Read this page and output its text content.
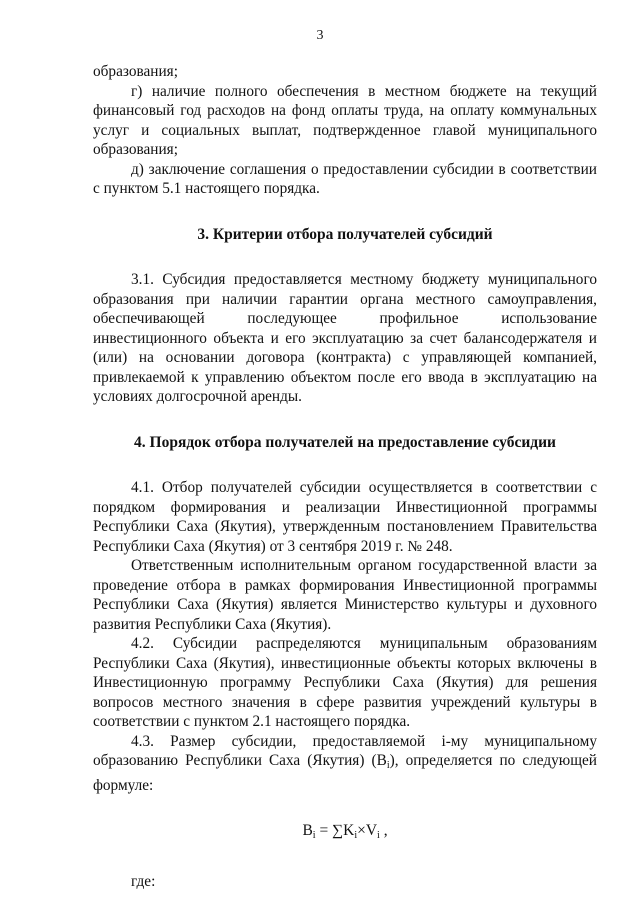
3

образования;

г) наличие полного обеспечения в местном бюджете на текущий финансовый год расходов на фонд оплаты труда, на оплату коммунальных услуг и социальных выплат, подтвержденное главой муниципального образования;

д) заключение соглашения о предоставлении субсидии в соответствии с пунктом 5.1 настоящего порядка.

3. Критерии отбора получателей субсидий

3.1. Субсидия предоставляется местному бюджету муниципального образования при наличии гарантии органа местного самоуправления, обеспечивающей последующее профильное использование инвестиционного объекта и его эксплуатацию за счет балансодержателя и (или) на основании договора (контракта) с управляющей компанией, привлекаемой к управлению объектом после его ввода в эксплуатацию на условиях долгосрочной аренды.

4. Порядок отбора получателей на предоставление субсидии

4.1. Отбор получателей субсидии осуществляется в соответствии с порядком формирования и реализации Инвестиционной программы Республики Саха (Якутия), утвержденным постановлением Правительства Республики Саха (Якутия) от 3 сентября 2019 г. № 248.

Ответственным исполнительным органом государственной власти за проведение отбора в рамках формирования Инвестиционной программы Республики Саха (Якутия) является Министерство культуры и духовного развития Республики Саха (Якутия).

4.2. Субсидии распределяются муниципальным образованиям Республики Саха (Якутия), инвестиционные объекты которых включены в Инвестиционную программу Республики Саха (Якутия) для решения вопросов местного значения в сфере развития учреждений культуры в соответствии с пунктом 2.1 настоящего порядка.

4.3. Размер субсидии, предоставляемой i-му муниципальному образованию Республики Саха (Якутия) $(B_i)$, определяется по следующей формуле:

$B_i = \sum K_i\times V_i$ ,

где:
